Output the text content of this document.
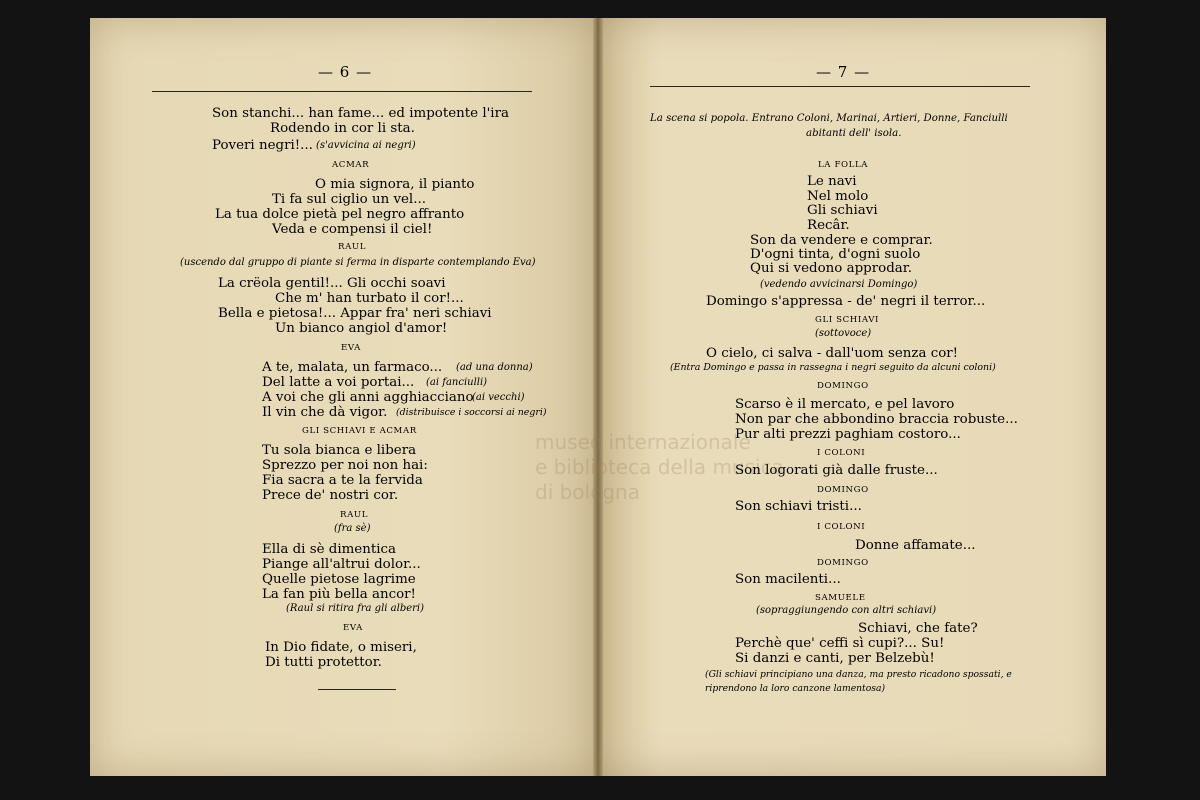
museo internazionale
e biblioteca della musica
di bologna
— 6 —
Son stanchi... han fame... ed impotente l'ira
Rodendo in cor li sta.
Poveri negri!... (s'avvicina ai negri)
ACMAR
O mia signora, il pianto
Ti fa sul ciglio un vel...
La tua dolce pietà pel negro affranto
Veda e compensi il ciel!
RAUL
(uscendo dal gruppo di piante si ferma in disparte contemplando Eva)
La crëola gentil!... Gli occhi soavi
Che m' han turbato il cor!...
Bella e pietosa!... Appar fra' neri schiavi
Un bianco angiol d'amor!
EVA
A te, malata, un farmaco... (ad una donna)
Del latte a voi portai... (ai fanciulli)
A voi che gli anni agghiacciano
(ai vecchi)
Il vin che dà vigor. (distribuisce i soccorsi ai negri)
GLI SCHIAVI E ACMAR
Tu sola bianca e libera
Sprezzo per noi non hai:
Fia sacra a te la fervida
Prece de' nostri cor.
RAUL
(fra sè)
Ella di sè dimentica
Piange all'altrui dolor...
Quelle pietose lagrime
La fan più bella ancor!
(Raul si ritira fra gli alberi)
EVA
In Dio fidate, o miseri,
Di tutti protettor.
— 7 —
La scena si popola. Entrano Coloni, Marinai, Artieri, Donne, Fanciulli
abitanti dell' isola.
LA FOLLA
Le navi
Nel molo
Gli schiavi
Recâr.
Son da vendere e comprar.
D'ogni tinta, d'ogni suolo
Qui si vedono approdar.
(vedendo avvicinarsi Domingo)
Domingo s'appressa - de' negri il terror...
GLI SCHIAVI
(sottovoce)
O cielo, ci salva - dall'uom senza cor!
(Entra Domingo e passa in rassegna i negri seguito da alcuni coloni)
DOMINGO
Scarso è il mercato, e pel lavoro
Non par che abbondino braccia robuste...
Pur alti prezzi paghiam costoro...
I COLONI
Son logorati già dalle fruste...
DOMINGO
Son schiavi tristi...
I COLONI
Donne affamate...
DOMINGO
Son macilenti...
SAMUELE
(sopraggiungendo con altri schiavi)
Schiavi, che fate?
Perchè que' ceffi sì cupi?... Su!
Si danzi e canti, per Belzebù!
(Gli schiavi principiano una danza, ma presto ricadono spossati, e
riprendono la loro canzone lamentosa)
